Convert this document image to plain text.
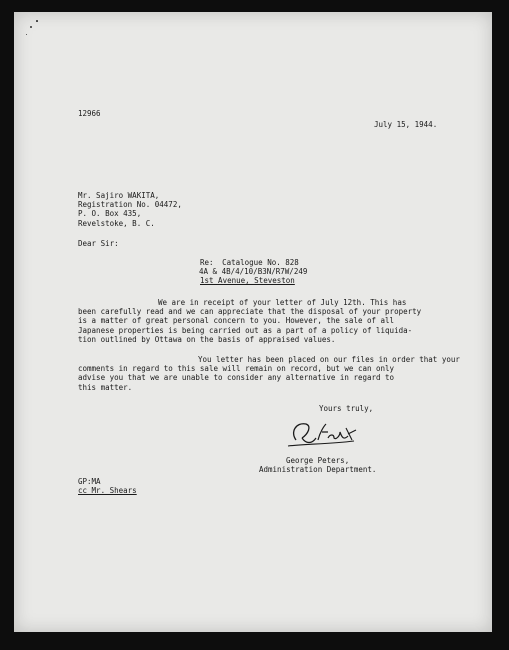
12966
July 15, 1944.
Mr. Sajiro WAKITA,
Registration No. 04472,
P. O. Box 435,
Revelstoke, B. C.
Dear Sir:
Re: Catalogue No. 828
4A & 4B/4/10/B3N/R7W/249
1st Avenue, Steveston
We are in receipt of your letter of July 12th. This has
been carefully read and we can appreciate that the disposal of your property
is a matter of great personal concern to you. However, the sale of all
Japanese properties is being carried out as a part of a policy of liquida-
tion outlined by Ottawa on the basis of appraised values.
You letter has been placed on our files in order that your
comments in regard to this sale will remain on record, but we can only
advise you that we are unable to consider any alternative in regard to
this matter.
Yours truly,
George Peters,
Administration Department.
GP:MA
cc Mr. Shears
